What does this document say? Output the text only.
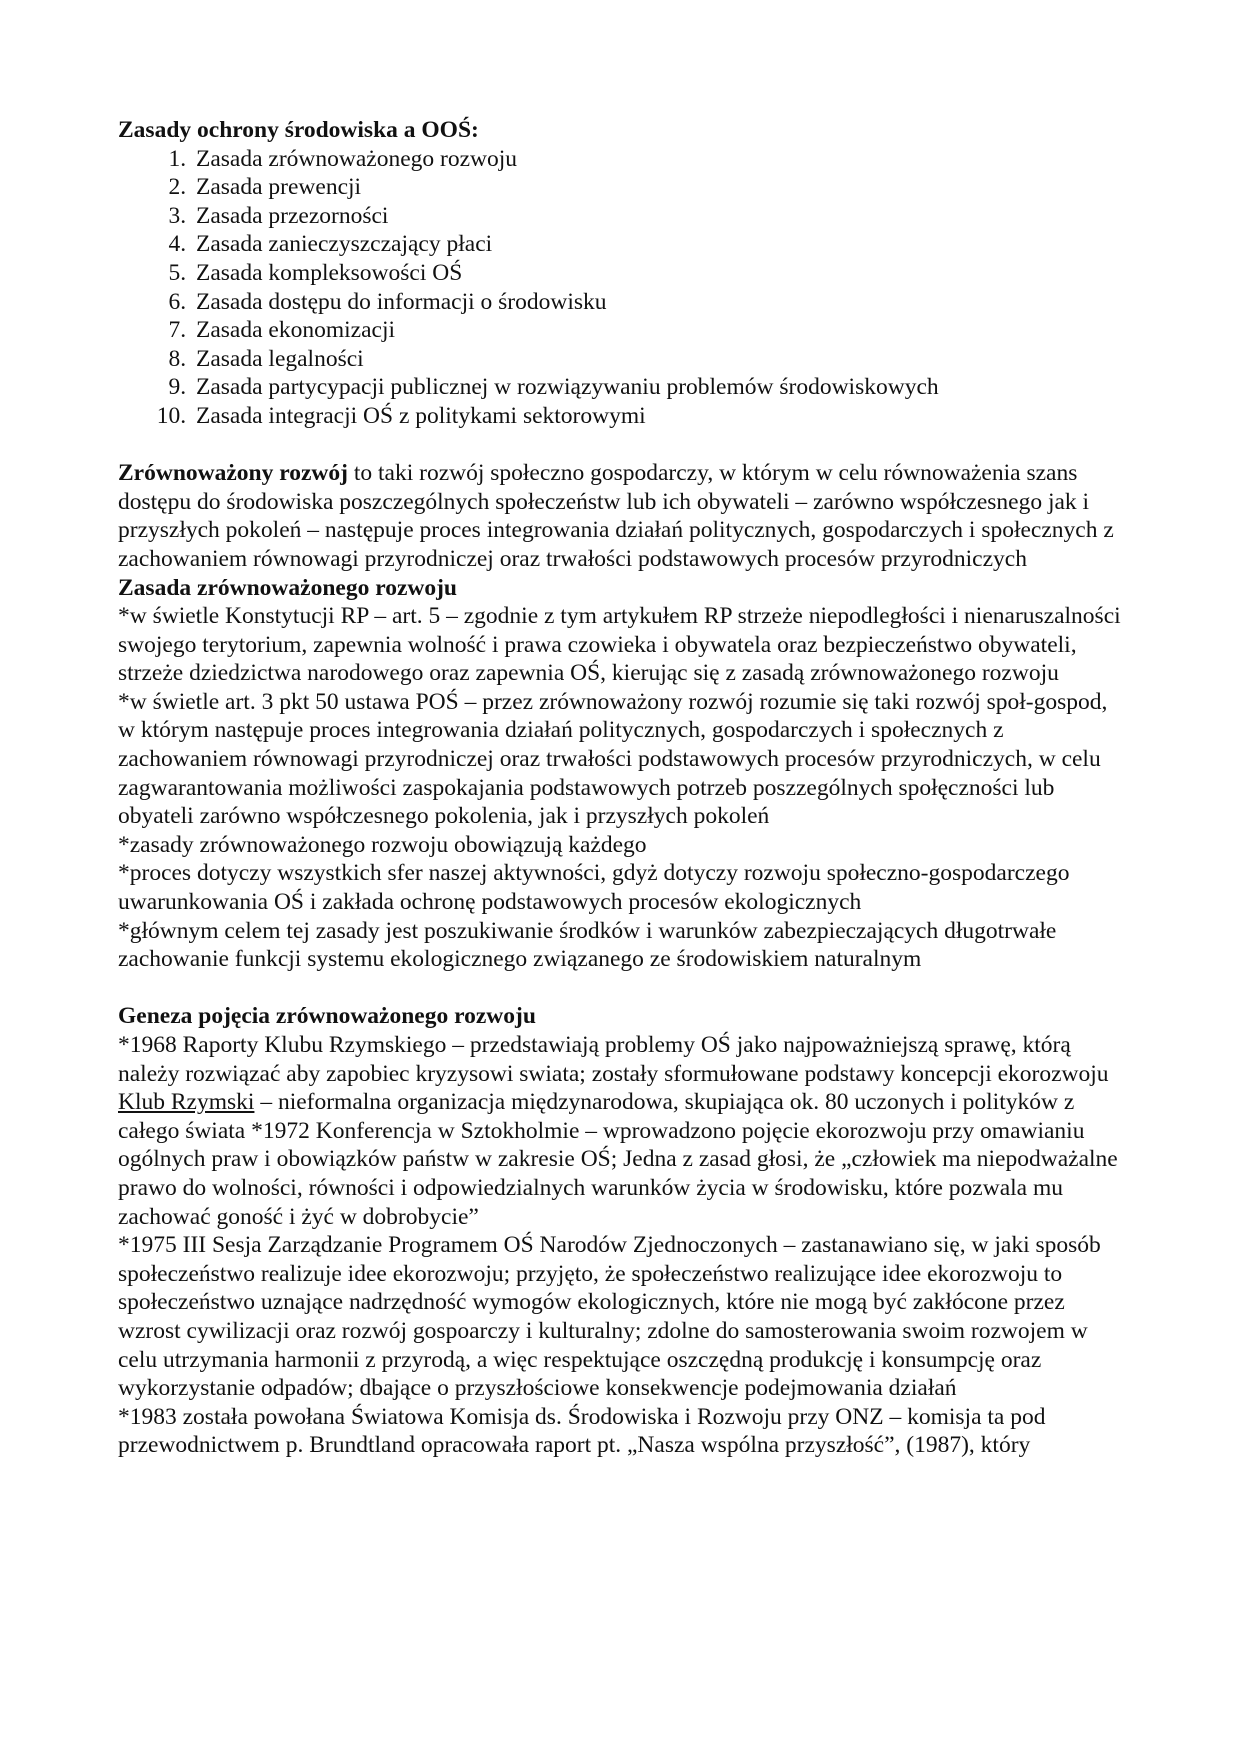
Zasady ochrony środowiska a OOŚ:

1. Zasada zrównoważonego rozwoju
2. Zasada prewencji
3. Zasada przezorności
4. Zasada zanieczyszczający płaci
5. Zasada kompleksowości OŚ
6. Zasada dostępu do informacji o środowisku
7. Zasada ekonomizacji
8. Zasada legalności
9. Zasada partycypacji publicznej w rozwiązywaniu problemów środowiskowych
10. Zasada integracji OŚ z politykami sektorowymi

Zrównoważony rozwój to taki rozwój społeczno gospodarczy, w którym w celu równoważenia szans dostępu do środowiska poszczególnych społeczeństw lub ich obywateli – zarówno współczesnego jak i przyszłych pokoleń – następuje proces integrowania działań politycznych, gospodarczych i społecznych z zachowaniem równowagi przyrodniczej oraz trwałości podstawowych procesów przyrodniczych

Zasada zrównoważonego rozwoju

*w świetle Konstytucji RP – art. 5 – zgodnie z tym artykułem RP strzeże niepodległości i nienaruszalności swojego terytorium, zapewnia wolność i prawa czowieka i obywatela oraz bezpieczeństwo obywateli, strzeże dziedzictwa narodowego oraz zapewnia OŚ, kierując się z zasadą zrównoważonego rozwoju

*w świetle art. 3 pkt 50 ustawa POŚ – przez zrównoważony rozwój rozumie się taki rozwój społ-gospod, w którym następuje proces integrowania działań politycznych, gospodarczych i społecznych z zachowaniem równowagi przyrodniczej oraz trwałości podstawowych procesów przyrodniczych, w celu zagwarantowania możliwości zaspokajania podstawowych potrzeb poszzególnych społęczności lub obyateli zarówno współczesnego pokolenia, jak i przyszłych pokoleń

*zasady zrównoważonego rozwoju obowiązują każdego

*proces dotyczy wszystkich sfer naszej aktywności, gdyż dotyczy rozwoju społeczno-gospodarczego uwarunkowania OŚ i zakłada ochronę podstawowych procesów ekologicznych

*głównym celem tej zasady jest poszukiwanie środków i warunków zabezpieczających długotrwałe zachowanie funkcji systemu ekologicznego związanego ze środowiskiem naturalnym

Geneza pojęcia zrównoważonego rozwoju

*1968 Raporty Klubu Rzymskiego – przedstawiają problemy OŚ jako najpoważniejszą sprawę, którą należy rozwiązać aby zapobiec kryzysowi swiata; zostały sformułowane podstawy koncepcji ekorozwoju

Klub Rzymski – nieformalna organizacja międzynarodowa, skupiająca ok. 80 uczonych i polityków z całego świata *1972 Konferencja w Sztokholmie – wprowadzono pojęcie ekorozwoju przy omawianiu ogólnych praw i obowiązków państw w zakresie OŚ; Jedna z zasad głosi, że „człowiek ma niepodważalne prawo do wolności, równości i odpowiedzialnych warunków życia w środowisku, które pozwala mu zachować goność i żyć w dobrobycie”

*1975 III Sesja Zarządzanie Programem OŚ Narodów Zjednoczonych – zastanawiano się, w jaki sposób społeczeństwo realizuje idee ekorozwoju; przyjęto, że społeczeństwo realizujące idee ekorozwoju to społeczeństwo uznające nadrzędność wymogów ekologicznych, które nie mogą być zakłócone przez wzrost cywilizacji oraz rozwój gospoarczy i kulturalny; zdolne do samosterowania swoim rozwojem w celu utrzymania harmonii z przyrodą, a więc respektujące oszczędną produkcję i konsumpcję oraz wykorzystanie odpadów; dbające o przyszłościowe konsekwencje podejmowania działań

*1983 została powołana Światowa Komisja ds. Środowiska i Rozwoju przy ONZ – komisja ta pod przewodnictwem p. Brundtland opracowała raport pt. „Nasza wspólna przyszłość”, (1987), który
